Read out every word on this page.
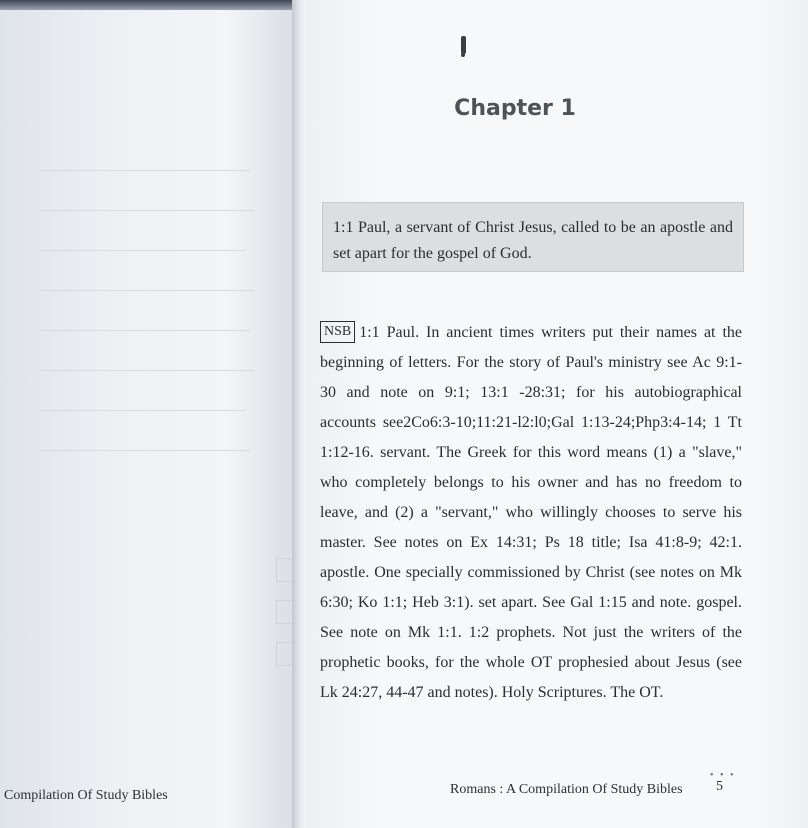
Compilation Of Study Bibles
Chapter 1
1:1 Paul, a servant of Christ Jesus, called to be an apostle and set apart for the gospel of God.

NSB 1:1 Paul. In ancient times writers put their names at the beginning of letters. For the story of Paul's ministry see Ac 9:1-30 and note on 9:1; 13:1 -28:31; for his autobiographical accounts see2Co6:3-10;11:21-l2:l0;Gal 1:13-24;Php3:4-14; 1 Tt 1:12-16. servant. The Greek for this word means (1) a "slave," who completely belongs to his owner and has no freedom to leave, and (2) a "servant," who willingly chooses to serve his master. See notes on Ex 14:31; Ps 18 title; Isa 41:8-9; 42:1. apostle. One specially commissioned by Christ (see notes on Mk 6:30; Ko 1:1; Heb 3:1). set apart. See Gal 1:15 and note. gospel. See note on Mk 1:1. 1:2 prophets. Not just the writers of the prophetic books, for the whole OT prophesied about Jesus (see Lk 24:27, 44-47 and notes). Holy Scriptures. The OT.

• • •
Romans : A Compilation Of Study Bibles 5
